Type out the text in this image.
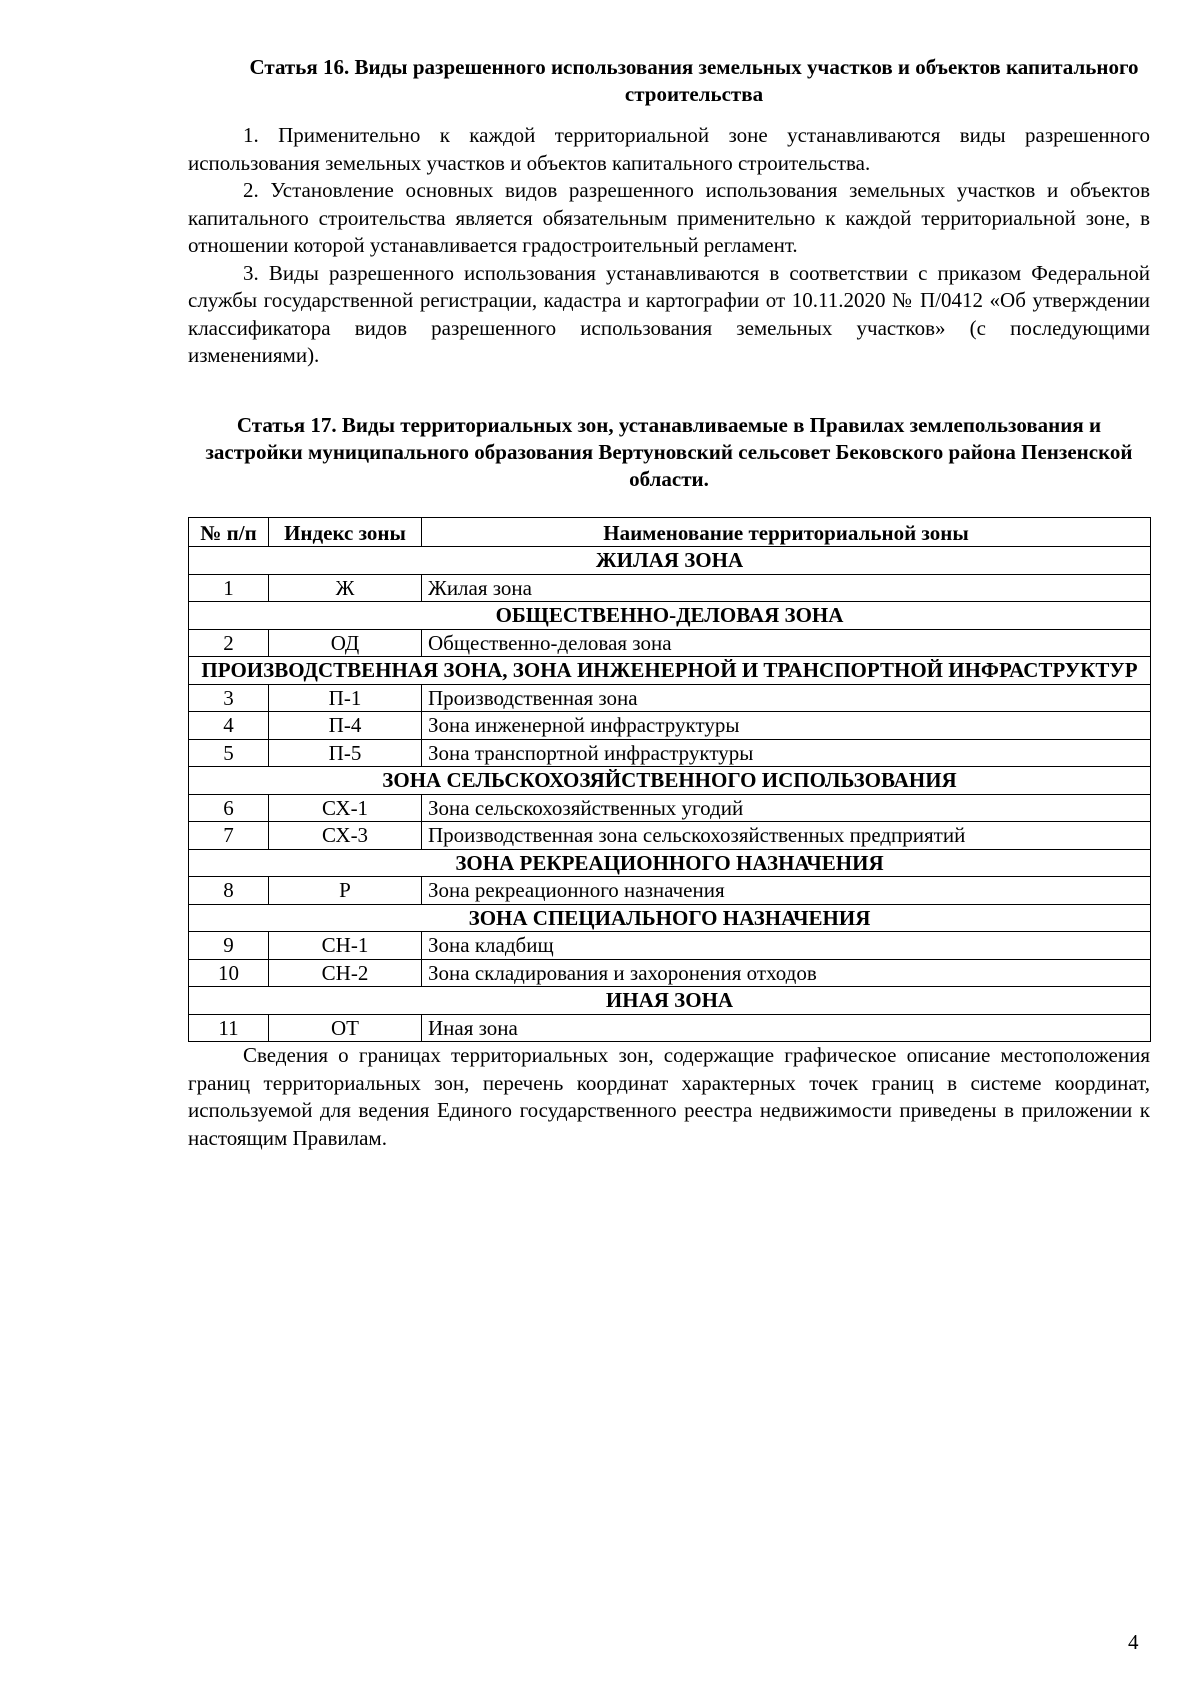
Статья 16. Виды разрешенного использования земельных участков и объектов капитального строительства

1. Применительно к каждой территориальной зоне устанавливаются виды разрешенного использования земельных участков и объектов капитального строительства.

2. Установление основных видов разрешенного использования земельных участков и объектов капитального строительства является обязательным применительно к каждой территориальной зоне, в отношении которой устанавливается градостроительный регламент.

3. Виды разрешенного использования устанавливаются в соответствии с приказом Федеральной службы государственной регистрации, кадастра и картографии от 10.11.2020 № П/0412 «Об утверждении классификатора видов разрешенного использования земельных участков» (с последующими изменениями).

Статья 17. Виды территориальных зон, устанавливаемые в Правилах землепользования и застройки муниципального образования Вертуновский сельсовет Бековского района Пензенской области.
№ п/п	Индекс зоны	Наименование территориальной зоны
ЖИЛАЯ ЗОНА		
1	Ж	Жилая зона
ОБЩЕСТВЕННО-ДЕЛОВАЯ ЗОНА		
2	ОД	Общественно-деловая зона
ПРОИЗВОДСТВЕННАЯ ЗОНА, ЗОНА ИНЖЕНЕРНОЙ И ТРАНСПОРТНОЙ ИНФРАСТРУКТУР		
3	П-1	Производственная зона
4	П-4	Зона инженерной инфраструктуры
5	П-5	Зона транспортной инфраструктуры
ЗОНА СЕЛЬСКОХОЗЯЙСТВЕННОГО ИСПОЛЬЗОВАНИЯ		
6	СХ-1	Зона сельскохозяйственных угодий
7	СХ-3	Производственная зона сельскохозяйственных предприятий
ЗОНА РЕКРЕАЦИОННОГО НАЗНАЧЕНИЯ		
8	Р	Зона рекреационного назначения
ЗОНА СПЕЦИАЛЬНОГО НАЗНАЧЕНИЯ		
9	СН-1	Зона кладбищ
10	СН-2	Зона складирования и захоронения отходов
ИНАЯ ЗОНА		
11	ОТ	Иная зона

Сведения о границах территориальных зон, содержащие графическое описание местоположения границ территориальных зон, перечень координат характерных точек границ в системе координат, используемой для ведения Единого государственного реестра недвижимости приведены в приложении к настоящим Правилам.

4
